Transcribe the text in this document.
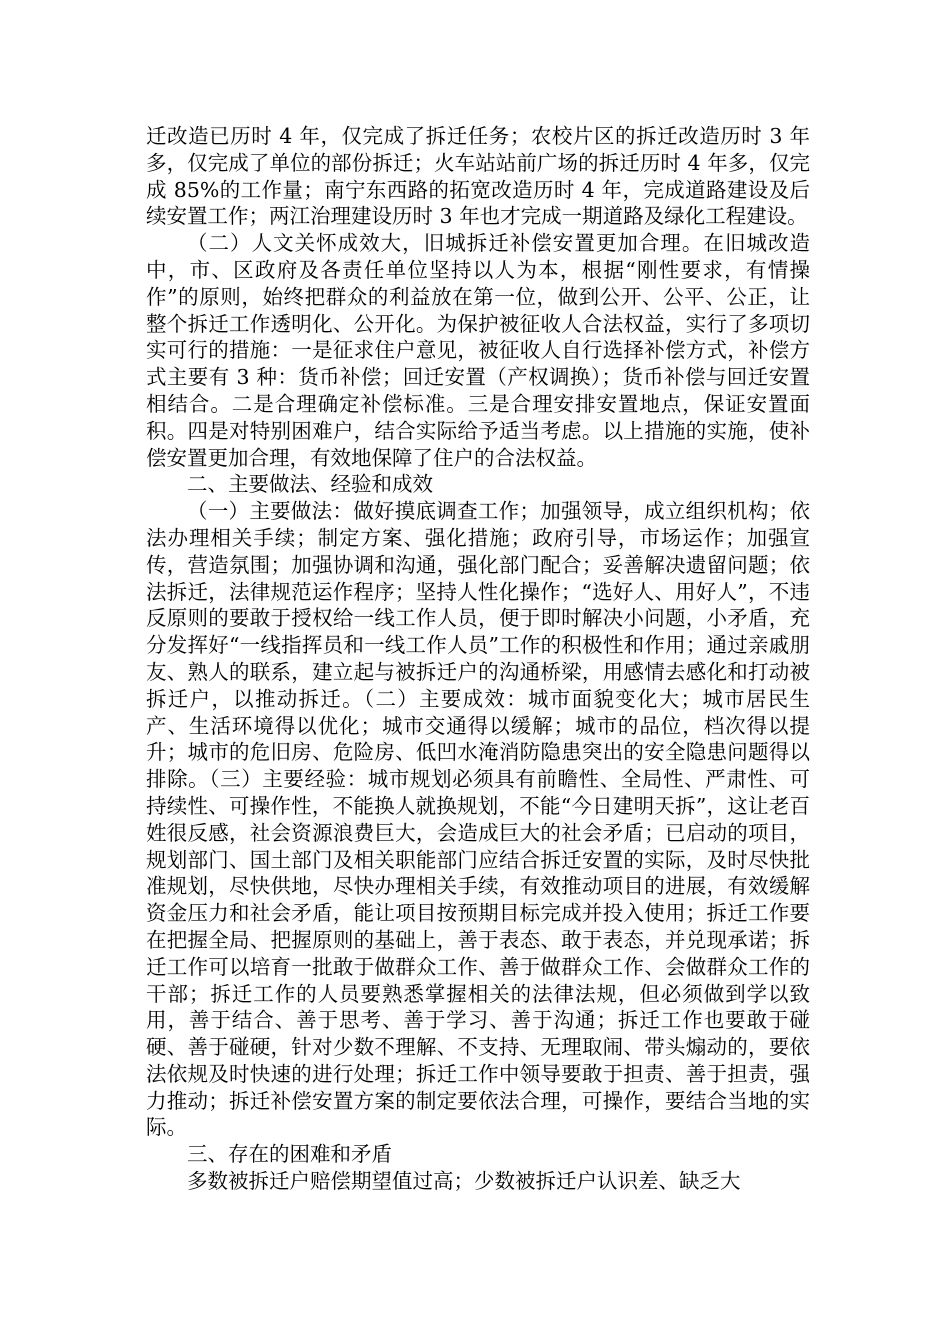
迁改造已历时 4 年，仅完成了拆迁任务；农校片区的拆迁改造历时 3 年多，仅完成了单位的部份拆迁；火车站站前广场的拆迁历时 4 年多，仅完成 85%的工作量；南宁东西路的拓宽改造历时 4 年，完成道路建设及后续安置工作；两江治理建设历时 3 年也才完成一期道路及绿化工程建设。

（二）人文关怀成效大，旧城拆迁补偿安置更加合理。在旧城改造中，市、区政府及各责任单位坚持以人为本，根据“刚性要求，有情操作”的原则，始终把群众的利益放在第一位，做到公开、公平、公正，让整个拆迁工作透明化、公开化。为保护被征收人合法权益，实行了多项切实可行的措施：一是征求住户意见，被征收人自行选择补偿方式，补偿方式主要有 3 种：货币补偿；回迁安置（产权调换）；货币补偿与回迁安置相结合。二是合理确定补偿标准。三是合理安排安置地点，保证安置面积。四是对特别困难户，结合实际给予适当考虑。以上措施的实施，使补偿安置更加合理，有效地保障了住户的合法权益。

二、主要做法、经验和成效

（一）主要做法：做好摸底调查工作；加强领导，成立组织机构；依法办理相关手续；制定方案、强化措施；政府引导，市场运作；加强宣传，营造氛围；加强协调和沟通，强化部门配合；妥善解决遗留问题；依法拆迁，法律规范运作程序；坚持人性化操作；“选好人、用好人”，不违反原则的要敢于授权给一线工作人员，便于即时解决小问题，小矛盾，充分发挥好“一线指挥员和一线工作人员”工作的积极性和作用；通过亲戚朋友、熟人的联系，建立起与被拆迁户的沟通桥梁，用感情去感化和打动被拆迁户，以推动拆迁。（二）主要成效：城市面貌变化大；城市居民生产、生活环境得以优化；城市交通得以缓解；城市的品位，档次得以提升；城市的危旧房、危险房、低凹水淹消防隐患突出的安全隐患问题得以排除。（三）主要经验：城市规划必须具有前瞻性、全局性、严肃性、可持续性、可操作性，不能换人就换规划，不能“今日建明天拆”，这让老百姓很反感，社会资源浪费巨大，会造成巨大的社会矛盾；已启动的项目，规划部门、国土部门及相关职能部门应结合拆迁安置的实际，及时尽快批准规划，尽快供地，尽快办理相关手续，有效推动项目的进展，有效缓解资金压力和社会矛盾，能让项目按预期目标完成并投入使用；拆迁工作要在把握全局、把握原则的基础上，善于表态、敢于表态，并兑现承诺；拆迁工作可以培育一批敢于做群众工作、善于做群众工作、会做群众工作的干部；拆迁工作的人员要熟悉掌握相关的法律法规，但必须做到学以致用，善于结合、善于思考、善于学习、善于沟通；拆迁工作也要敢于碰硬、善于碰硬，针对少数不理解、不支持、无理取闹、带头煽动的，要依法依规及时快速的进行处理；拆迁工作中领导要敢于担责、善于担责，强力推动；拆迁补偿安置方案的制定要依法合理，可操作，要结合当地的实际。

三、存在的困难和矛盾

多数被拆迁户赔偿期望值过高；少数被拆迁户认识差、缺乏大
